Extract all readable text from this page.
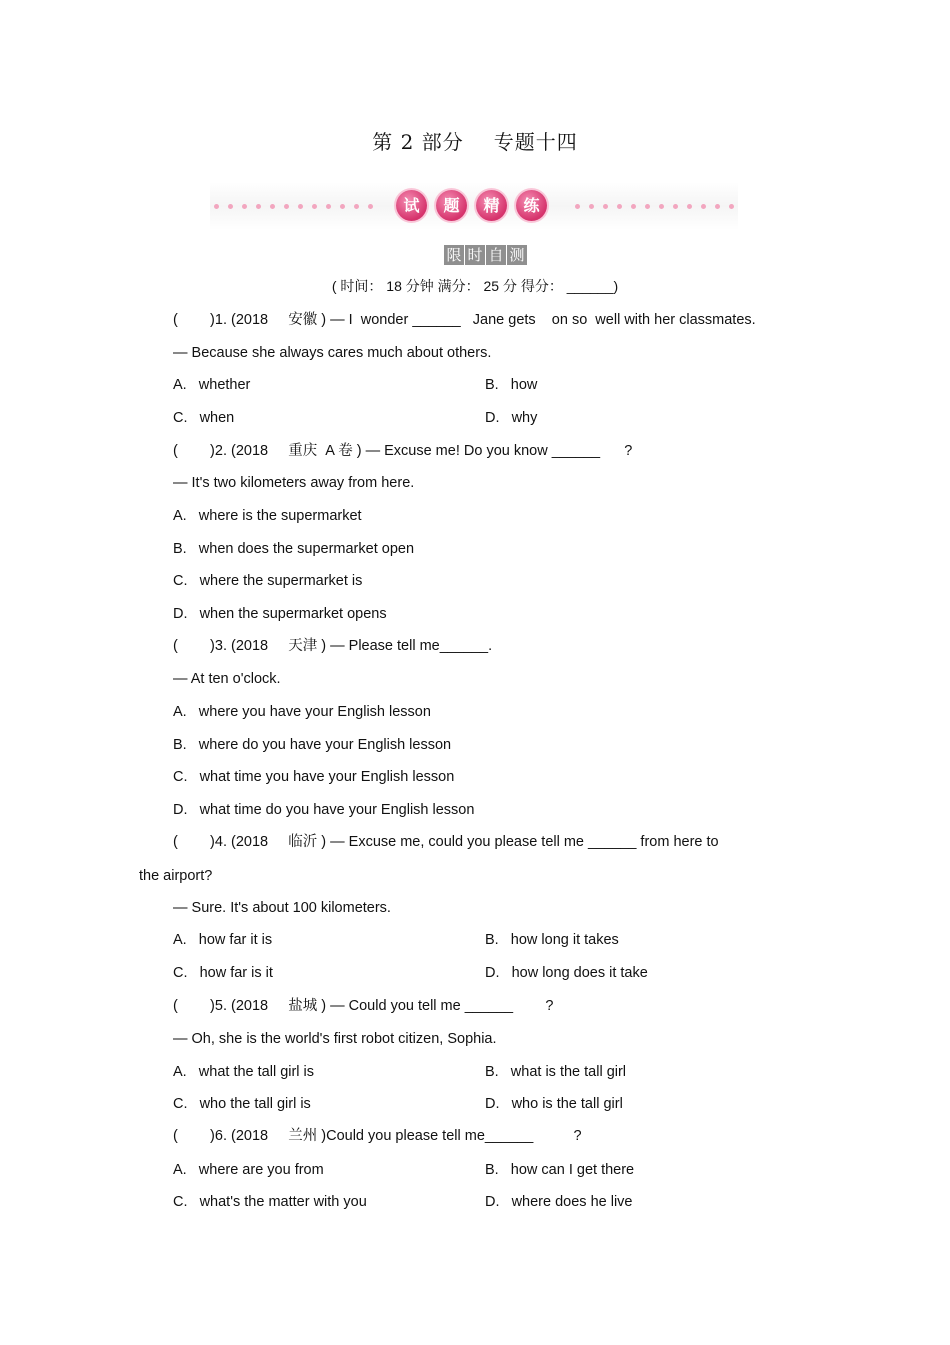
第 2 部分 专题十四
试	题	精	练
限 时 自 测
( 时间： 18 分钟 满分： 25 分 得分： ______)
(        )1. (2018     安徽 ) — I  wonder ______   Jane gets    on so  well with her classmates.
— Because she always cares much about others.
A.   whether	B.   how
C.   when	D.   why
(        )2. (2018     重庆  A 卷 ) — Excuse me! Do you know ______      ?
— It's two kilometers away from here.
A.   where is the supermarket
B.   when does the supermarket open
C.   where the supermarket is
D.   when the supermarket opens
(        )3. (2018     天津 ) — Please tell me______.
— At ten o'clock.
A.   where you have your English lesson
B.   where do you have your English lesson
C.   what time you have your English lesson
D.   what time do you have your English lesson
(        )4. (2018     临沂 ) — Excuse me, could you please tell me ______ from here to
the airport?
— Sure. It's about 100 kilometers.
A.   how far it is	B.   how long it takes
C.   how far is it	D.   how long does it take
(        )5. (2018     盐城 ) — Could you tell me ______        ?
— Oh, she is the world's first robot citizen, Sophia.
A.   what the tall girl is	B.   what is the tall girl
C.   who the tall girl is	D.   who is the tall girl
(        )6. (2018     兰州 )Could you please tell me______          ?
A.   where are you from	B.   how can I get there
C.   what's the matter with you	D.   where does he live
